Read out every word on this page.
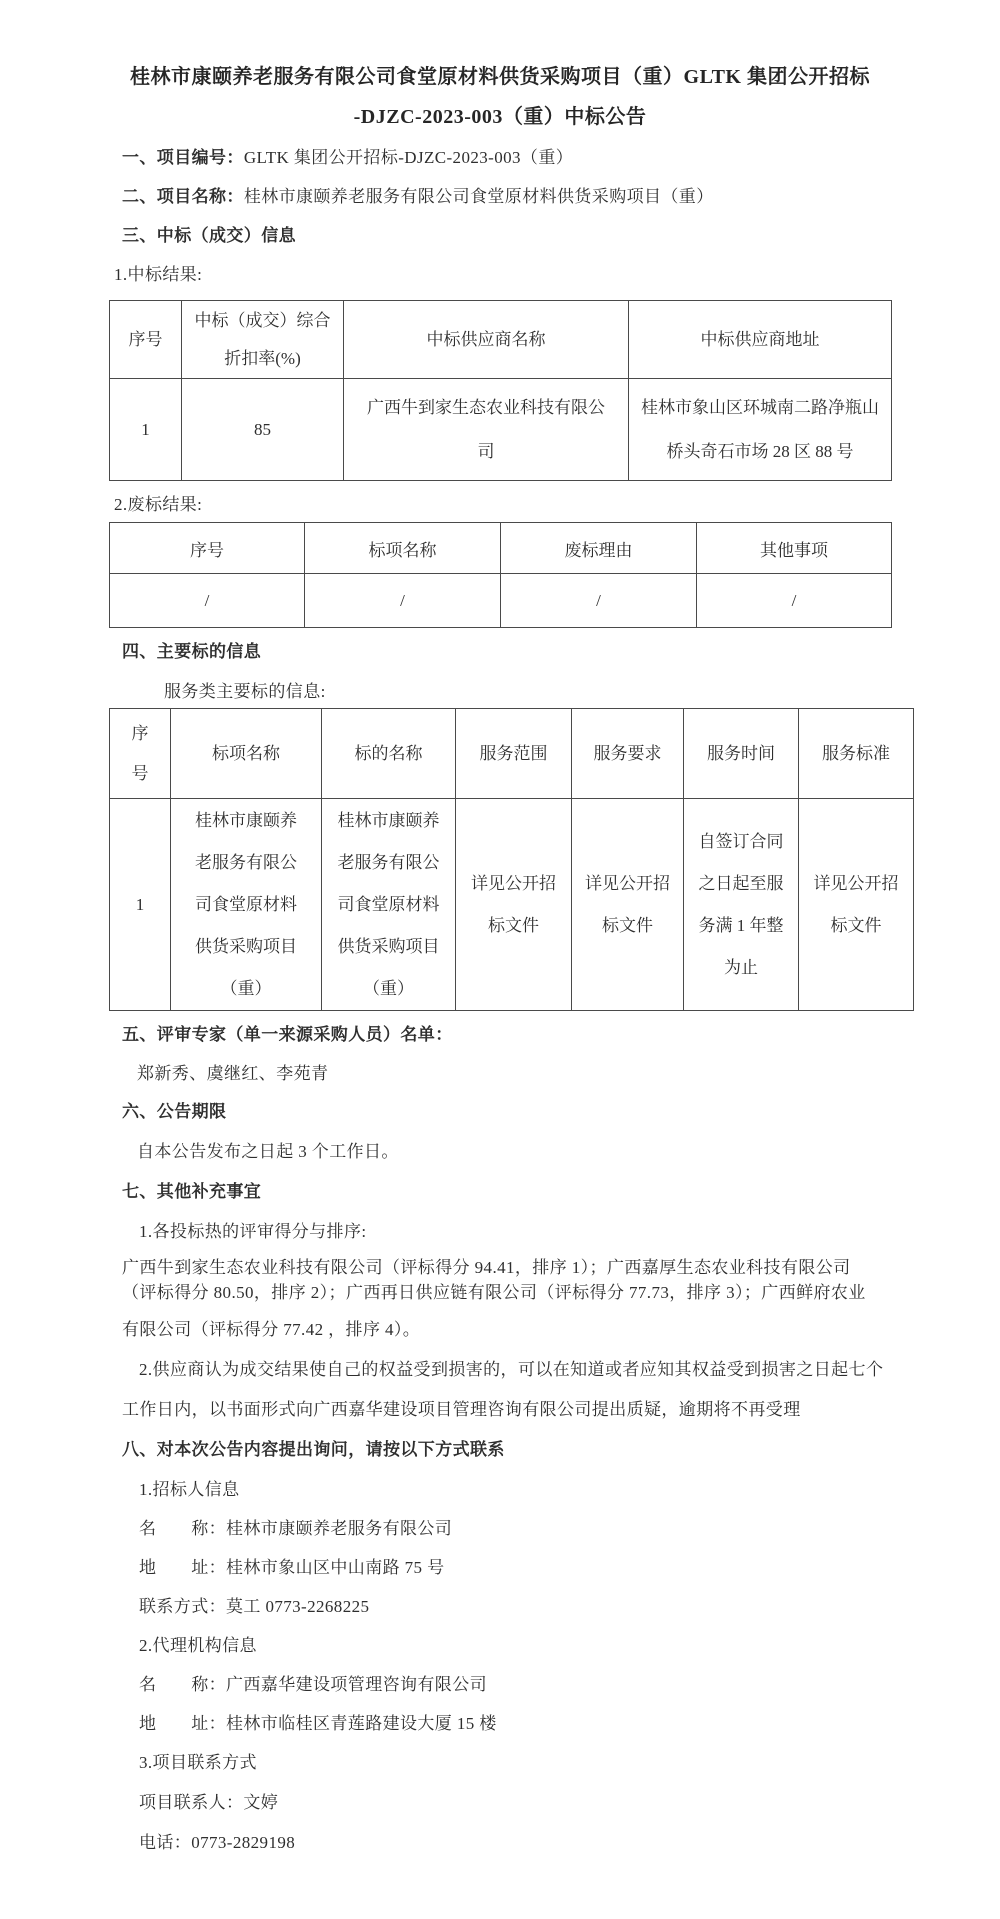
桂林市康颐养老服务有限公司食堂原材料供货采购项目（重）GLTK 集团公开招标
-DJZC-2023-003（重）中标公告
一、项目编号：GLTK 集团公开招标-DJZC-2023-003（重）
二、项目名称：桂林市康颐养老服务有限公司食堂原材料供货采购项目（重）
三、中标（成交）信息
1.中标结果:
序号	中标（成交）综合折扣率(%)	中标供应商名称	中标供应商地址
1	85	广西牛到家生态农业科技有限公司	桂林市象山区环城南二路净瓶山桥头奇石市场 28 区 88 号
2.废标结果:
序号	标项名称	废标理由	其他事项
/	/	/	/
四、主要标的信息
服务类主要标的信息:
序号	标项名称	标的名称	服务范围	服务要求	服务时间	服务标准
1	桂林市康颐养老服务有限公司食堂原材料供货采购项目（重）	桂林市康颐养老服务有限公司食堂原材料供货采购项目（重）	详见公开招标文件	详见公开招标文件	自签订合同之日起至服务满 1 年整为止	详见公开招标文件
五、评审专家（单一来源采购人员）名单：
郑新秀、虞继红、李苑青
六、公告期限
自本公告发布之日起 3 个工作日。
七、其他补充事宜
1.各投标热的评审得分与排序:
广西牛到家生态农业科技有限公司（评标得分 94.41，排序 1）；广西嘉厚生态农业科技有限公司
（评标得分 80.50，排序 2）；广西再日供应链有限公司（评标得分 77.73，排序 3）；广西鲜府农业
有限公司（评标得分 77.42 ，排序 4）。
2.供应商认为成交结果使自己的权益受到损害的，可以在知道或者应知其权益受到损害之日起七个
工作日内，以书面形式向广西嘉华建设项目管理咨询有限公司提出质疑，逾期将不再受理
八、对本次公告内容提出询问，请按以下方式联系
1.招标人信息
名　　称：桂林市康颐养老服务有限公司
地　　址：桂林市象山区中山南路 75 号
联系方式：莫工 0773-2268225
2.代理机构信息
名　　称：广西嘉华建设项管理咨询有限公司
地　　址：桂林市临桂区青莲路建设大厦 15 楼
3.项目联系方式
项目联系人：文婷
电话：0773-2829198
